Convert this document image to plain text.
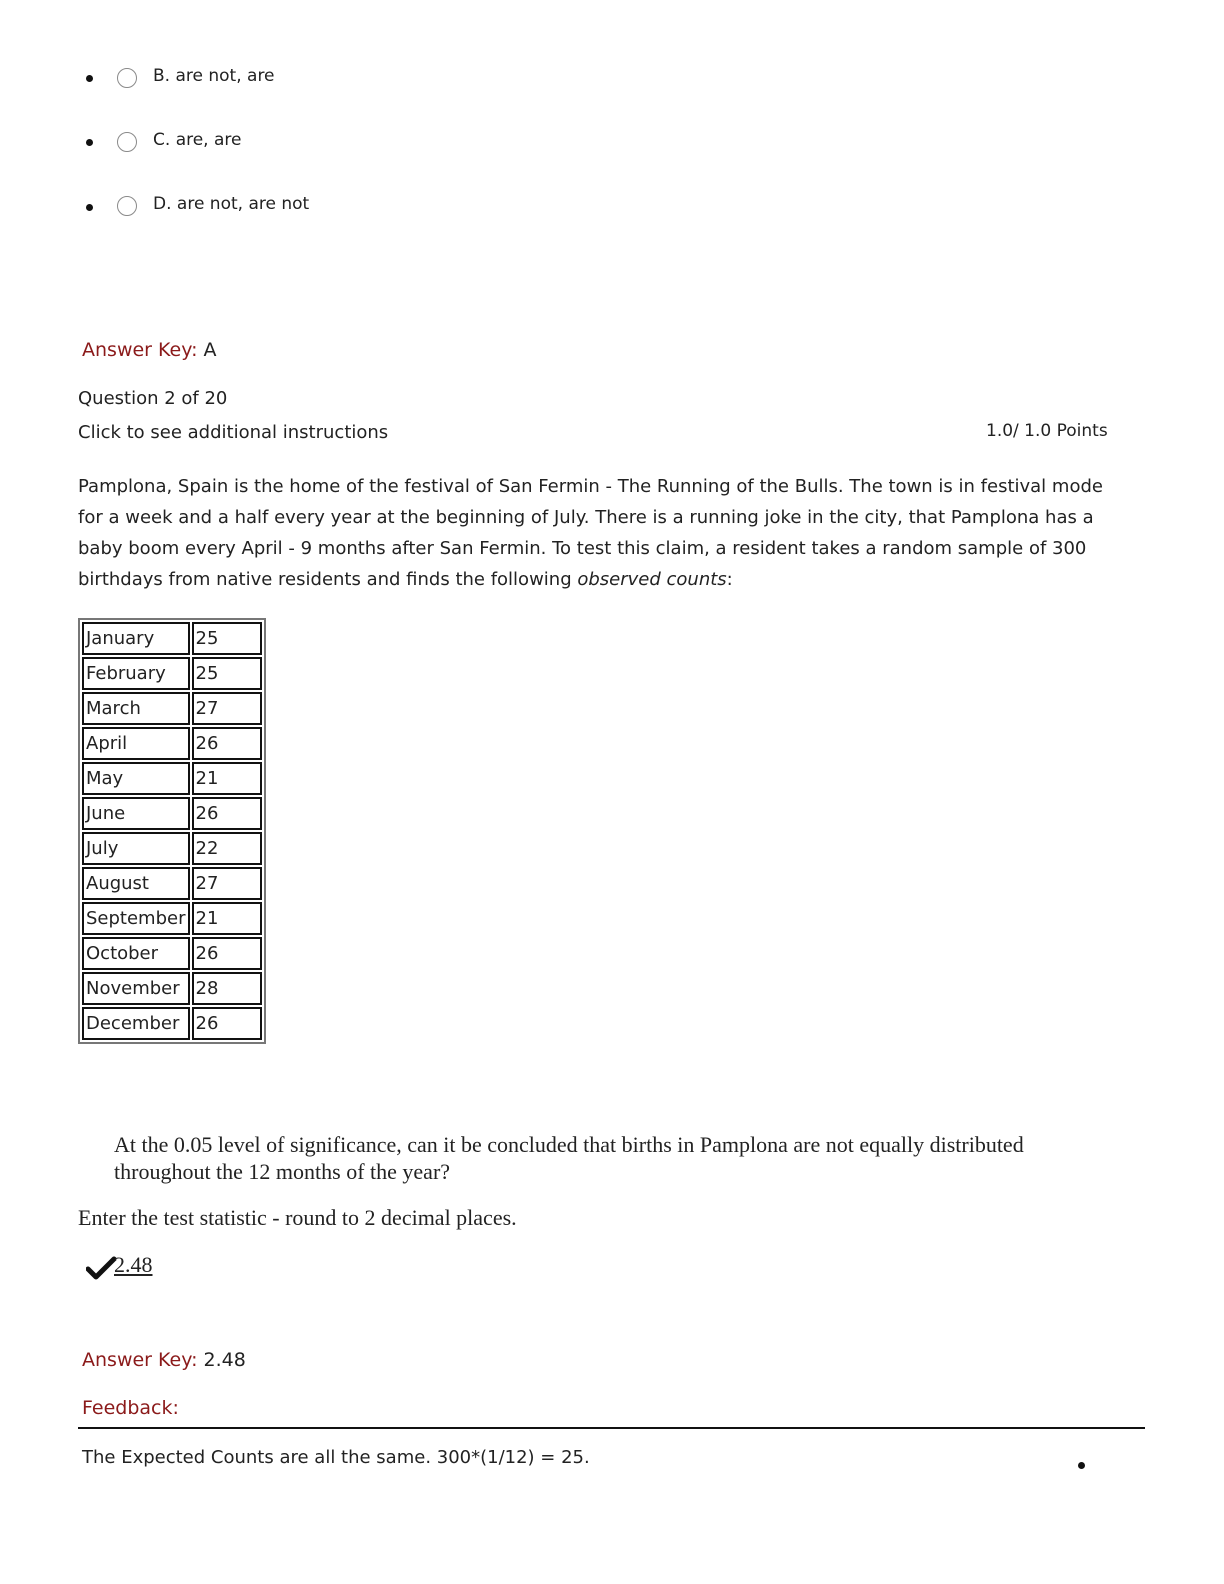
B. are not, are
C. are, are
D. are not, are not
Answer Key: A
Question 2 of 20
Click to see additional instructions	1.0/ 1.0 Points
Pamplona, Spain is the home of the festival of San Fermin - The Running of the Bulls. The town is in festival mode for a week and a half every year at the beginning of July. There is a running joke in the city, that Pamplona has a baby boom every April - 9 months after San Fermin. To test this claim, a resident takes a random sample of 300 birthdays from native residents and finds the following observed counts:
January	25
February	25
March	27
April	26
May	21
June	26
July	22
August	27
September	21
October	26
November	28
December	26
At the 0.05 level of significance, can it be concluded that births in Pamplona are not equally distributed throughout the 12 months of the year?
Enter the test statistic - round to 2 decimal places.
2.48
Answer Key: 2.48
Feedback:
The Expected Counts are all the same. 300*(1/12) = 25.
